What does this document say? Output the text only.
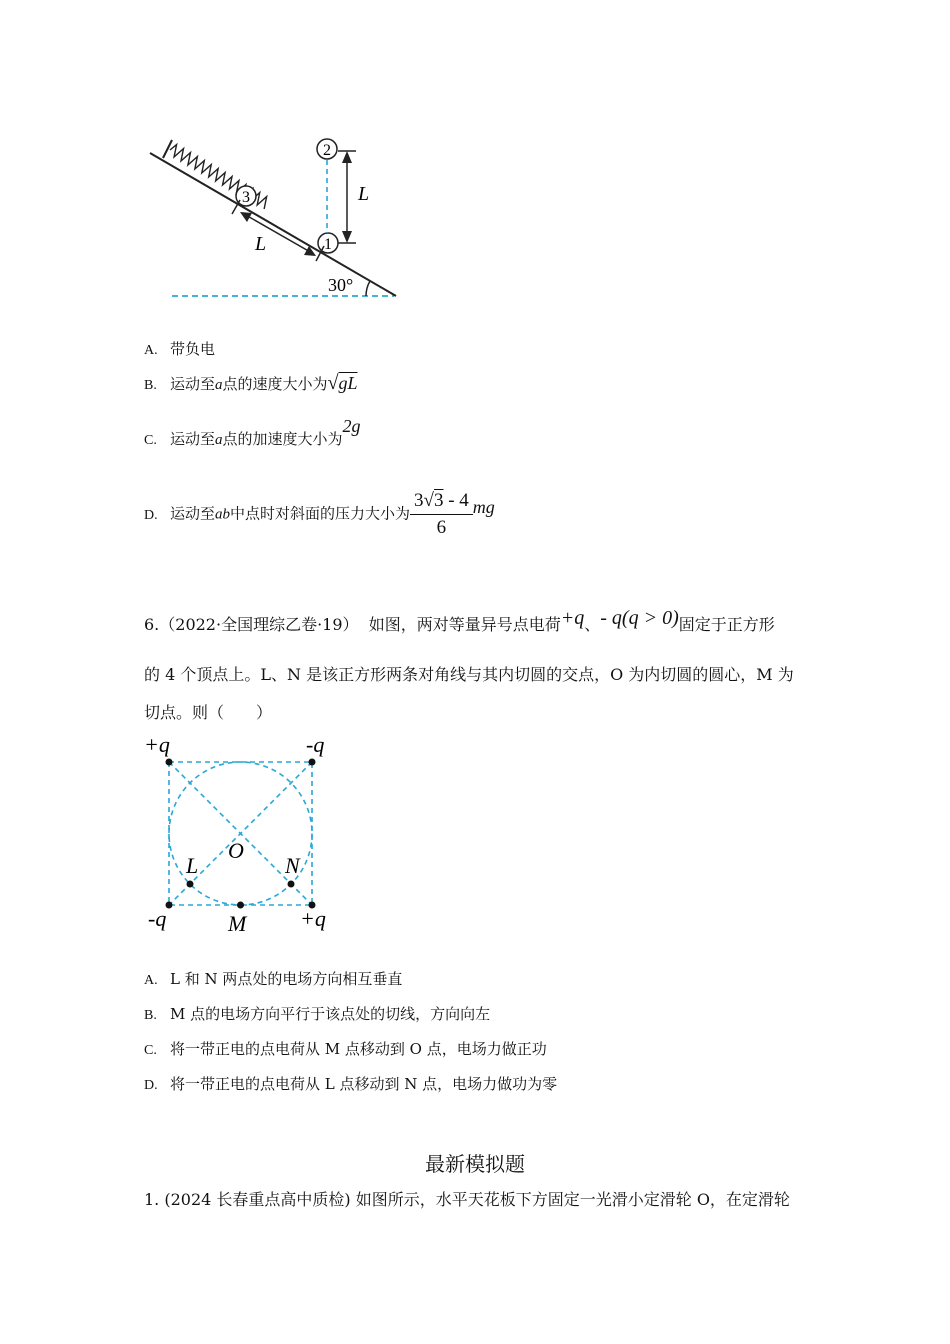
3
1
2
L
L
30°
A. 带负电
B. 运动至a点的速度大小为√gL
C. 运动至a点的加速度大小为2g
D. 运动至ab中点时对斜面的压力大小为 $\frac{3√3 - 4}{6}$ mg
6.（2022·全国理综乙卷·19） 如图，两对等量异号点电荷+q、- q(q > 0)固定于正方形
的 4 个顶点上。L、N 是该正方形两条对角线与其内切圆的交点，O 为内切圆的圆心，M 为
切点。则（　　）
+q	-q
-q	+q
O
L	N
M
A. L 和 N 两点处的电场方向相互垂直
B. M 点的电场方向平行于该点处的切线，方向向左
C. 将一带正电的点电荷从 M 点移动到 O 点，电场力做正功
D. 将一带正电的点电荷从 L 点移动到 N 点，电场力做功为零
最新模拟题
1. (2024 长春重点高中质检) 如图所示，水平天花板下方固定一光滑小定滑轮 O，在定滑轮
